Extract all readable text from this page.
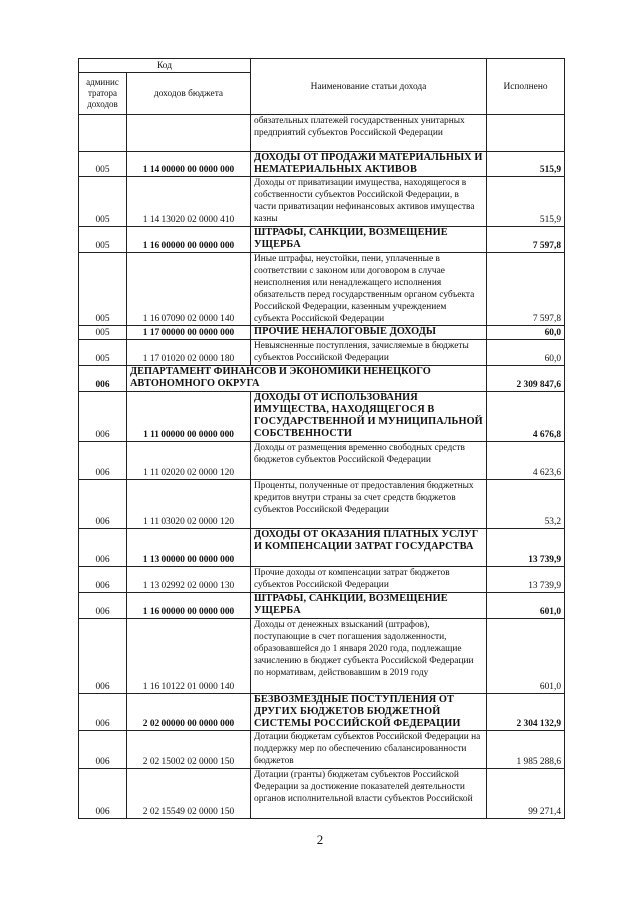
Код		Наименование статьи дохода	Исполнено
админис тратора доходов	доходов бюджета		
		обязательных платежей государственных унитарных предприятий субъектов Российской Федерации	
005	1 14 00000 00 0000 000	ДОХОДЫ ОТ ПРОДАЖИ МАТЕРИАЛЬНЫХ И НЕМАТЕРИАЛЬНЫХ АКТИВОВ	515,9
005	1 14 13020 02 0000 410	Доходы от приватизации имущества, находящегося в собственности субъектов Российской Федерации, в части приватизации нефинансовых активов имущества казны	515,9
005	1 16 00000 00 0000 000	ШТРАФЫ, САНКЦИИ, ВОЗМЕЩЕНИЕ УЩЕРБА	7 597,8
005	1 16 07090 02 0000 140	Иные штрафы, неустойки, пени, уплаченные в соответствии с законом или договором в случае неисполнения или ненадлежащего исполнения обязательств перед государственным органом субъекта Российской Федерации, казенным учреждением субъекта Российской Федерации	7 597,8
005	1 17 00000 00 0000 000	ПРОЧИЕ НЕНАЛОГОВЫЕ ДОХОДЫ	60,0
005	1 17 01020 02 0000 180	Невыясненные поступления, зачисляемые в бюджеты субъектов Российской Федерации	60,0
006	ДЕПАРТАМЕНТ ФИНАНСОВ И ЭКОНОМИКИ НЕНЕЦКОГО АВТОНОМНОГО ОКРУГА		2 309 847,6
006	1 11 00000 00 0000 000	ДОХОДЫ ОТ ИСПОЛЬЗОВАНИЯ ИМУЩЕСТВА, НАХОДЯЩЕГОСЯ В ГОСУДАРСТВЕННОЙ И МУНИЦИПАЛЬНОЙ СОБСТВЕННОСТИ	4 676,8
006	1 11 02020 02 0000 120	Доходы от размещения временно свободных средств бюджетов субъектов Российской Федерации	4 623,6
006	1 11 03020 02 0000 120	Проценты, полученные от предоставления бюджетных кредитов внутри страны за счет средств бюджетов субъектов Российской Федерации	53,2
006	1 13 00000 00 0000 000	ДОХОДЫ ОТ ОКАЗАНИЯ ПЛАТНЫХ УСЛУГ И КОМПЕНСАЦИИ ЗАТРАТ ГОСУДАРСТВА	13 739,9
006	1 13 02992 02 0000 130	Прочие доходы от компенсации затрат бюджетов субъектов Российской Федерации	13 739,9
006	1 16 00000 00 0000 000	ШТРАФЫ, САНКЦИИ, ВОЗМЕЩЕНИЕ УЩЕРБА	601,0
006	1 16 10122 01 0000 140	Доходы от денежных взысканий (штрафов), поступающие в счет погашения задолженности, образовавшейся до 1 января 2020 года, подлежащие зачислению в бюджет субъекта Российской Федерации по нормативам, действовавшим в 2019 году	601,0
006	2 02 00000 00 0000 000	БЕЗВОЗМЕЗДНЫЕ ПОСТУПЛЕНИЯ ОТ ДРУГИХ БЮДЖЕТОВ БЮДЖЕТНОЙ СИСТЕМЫ РОССИЙСКОЙ ФЕДЕРАЦИИ	2 304 132,9
006	2 02 15002 02 0000 150	Дотации бюджетам субъектов Российской Федерации на поддержку мер по обеспечению сбалансированности бюджетов	1 985 288,6
006	2 02 15549 02 0000 150	Дотации (гранты) бюджетам субъектов Российской Федерации за достижение показателей деятельности органов исполнительной власти субъектов Российской	99 271,4
2
